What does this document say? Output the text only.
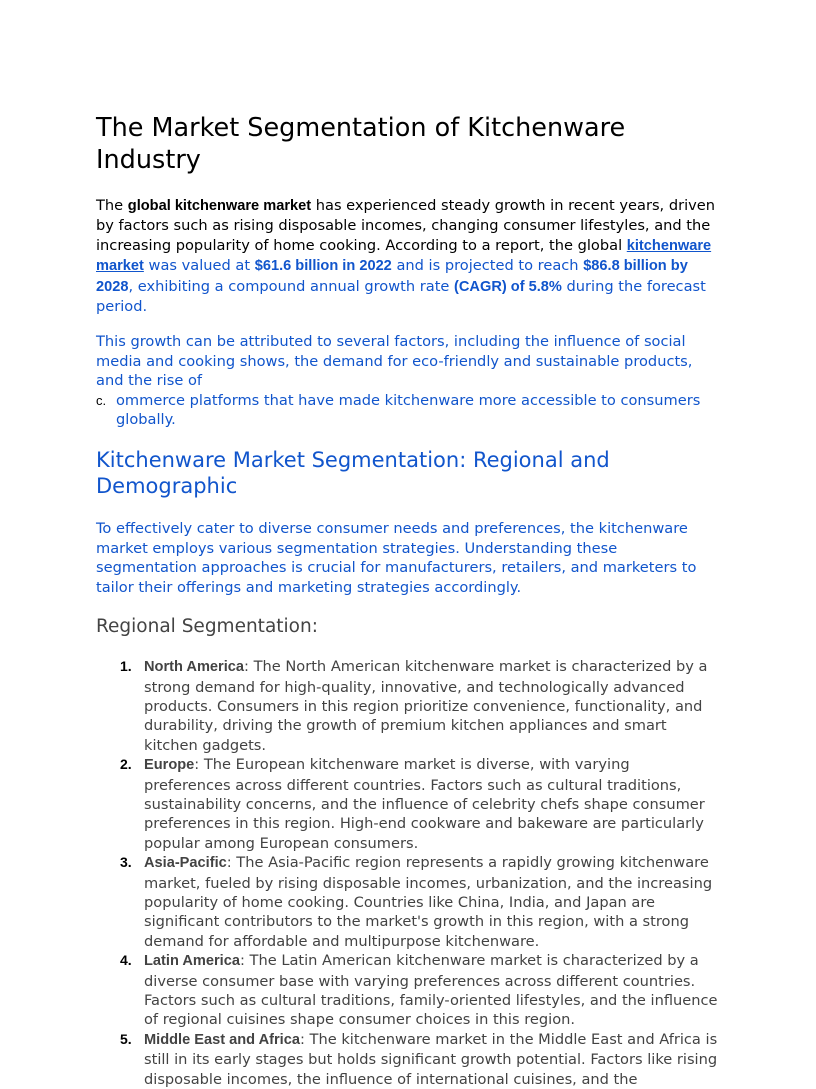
The Market Segmentation of Kitchenware Industry

The global kitchenware market has experienced steady growth in recent years, driven by factors such as rising disposable incomes, changing consumer lifestyles, and the increasing popularity of home cooking. According to a report, the global kitchenware market was valued at $61.6 billion in 2022 and is projected to reach $86.8 billion by 2028, exhibiting a compound annual growth rate (CAGR) of 5.8% during the forecast period.

This growth can be attributed to several factors, including the influence of social media and cooking shows, the demand for eco-friendly and sustainable products, and the rise of

c. ommerce platforms that have made kitchenware more accessible to consumers globally.
Kitchenware Market Segmentation: Regional and Demographic

To effectively cater to diverse consumer needs and preferences, the kitchenware market employs various segmentation strategies. Understanding these segmentation approaches is crucial for manufacturers, retailers, and marketers to tailor their offerings and marketing strategies accordingly.

Regional Segmentation:
1. North America: The North American kitchenware market is characterized by a strong demand for high-quality, innovative, and technologically advanced products. Consumers in this region prioritize convenience, functionality, and durability, driving the growth of premium kitchen appliances and smart kitchen gadgets.
2. Europe: The European kitchenware market is diverse, with varying preferences across different countries. Factors such as cultural traditions, sustainability concerns, and the influence of celebrity chefs shape consumer preferences in this region. High-end cookware and bakeware are particularly popular among European consumers.
3. Asia-Pacific: The Asia-Pacific region represents a rapidly growing kitchenware market, fueled by rising disposable incomes, urbanization, and the increasing popularity of home cooking. Countries like China, India, and Japan are significant contributors to the market's growth in this region, with a strong demand for affordable and multipurpose kitchenware.
4. Latin America: The Latin American kitchenware market is characterized by a diverse consumer base with varying preferences across different countries. Factors such as cultural traditions, family-oriented lifestyles, and the influence of regional cuisines shape consumer choices in this region.
5. Middle East and Africa: The kitchenware market in the Middle East and Africa is still in its early stages but holds significant growth potential. Factors like rising disposable incomes, the influence of international cuisines, and the
